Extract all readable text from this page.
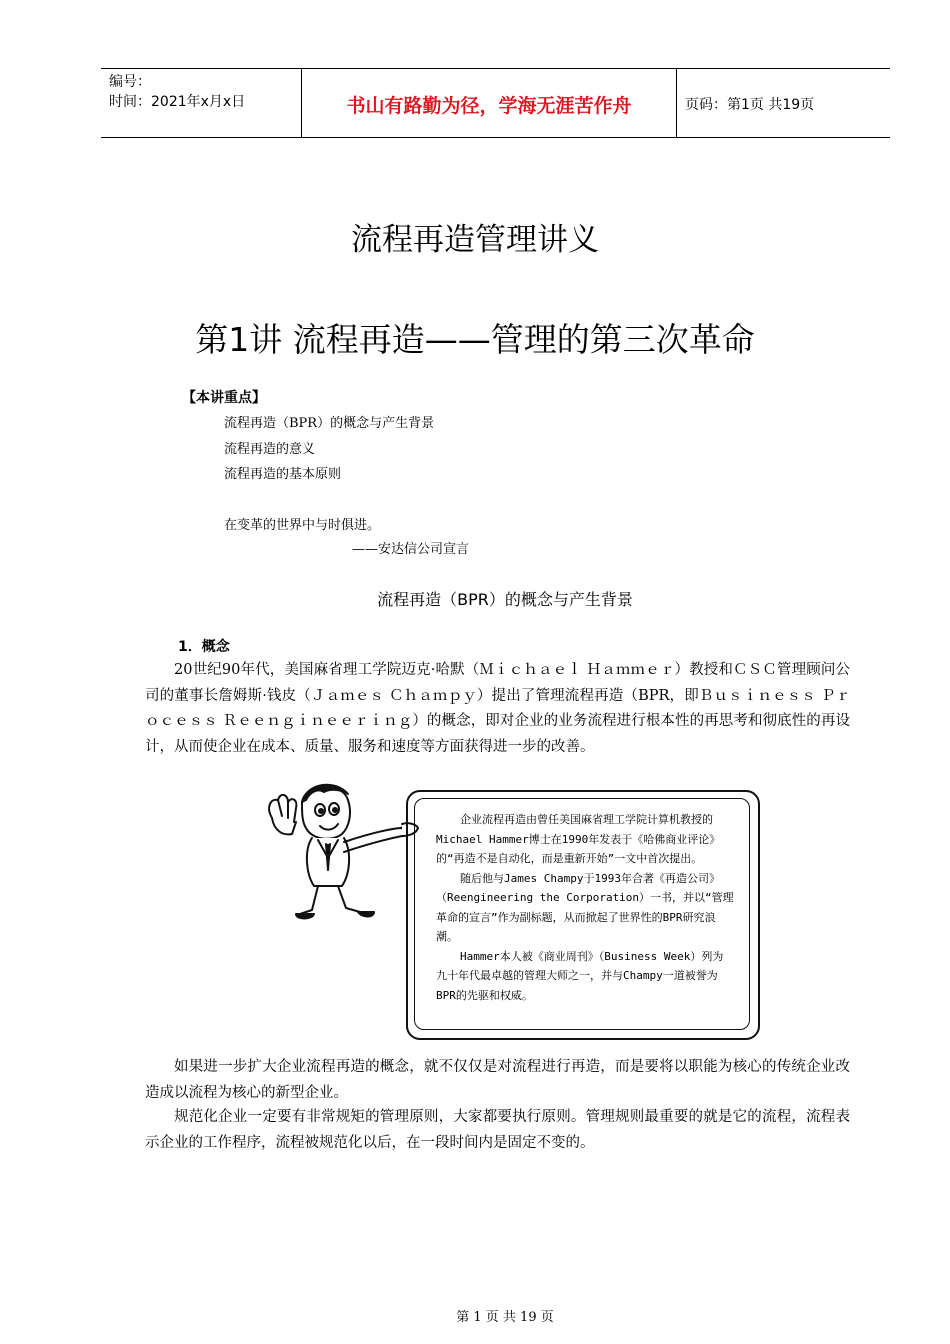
编号：
时间：2021年x月x日	书山有路勤为径，学海无涯苦作舟	页码：第1页 共19页
流程再造管理讲义
第1讲 流程再造——管理的第三次革命
【本讲重点】
流程再造（BPR）的概念与产生背景
流程再造的意义
流程再造的基本原则
在变革的世界中与时俱进。
——安达信公司宣言
流程再造（BPR）的概念与产生背景
1．概念
20世纪90年代，美国麻省理工学院迈克·哈默（Ｍｉｃｈａｅｌ Ｈａｍｍｅｒ）教授和ＣＳＣ管理顾问公司的董事长詹姆斯·钱皮（Ｊａｍｅｓ Ｃｈａｍｐｙ）提出了管理流程再造（BPR，即Ｂｕｓｉｎｅｓｓ Ｐｒｏｃｅｓｓ Ｒｅｅｎｇｉｎｅｅｒｉｎｇ）的概念，即对企业的业务流程进行根本性的再思考和彻底性的再设计，从而使企业在成本、质量、服务和速度等方面获得进一步的改善。

企业流程再造由曾任美国麻省理工学院计算机教授的Michael Hammer博士在1990年发表于《哈佛商业评论》的“再造不是自动化，而是重新开始”一文中首次提出。

随后他与James Champy于1993年合著《再造公司》（Reengineering the Corporation）一书，并以“管理革命的宣言”作为副标题，从而掀起了世界性的BPR研究浪潮。

Hammer本人被《商业周刊》（Business Week）列为九十年代最卓越的管理大师之一，并与Champy一道被誉为BPR的先驱和权威。

如果进一步扩大企业流程再造的概念，就不仅仅是对流程进行再造，而是要将以职能为核心的传统企业改造成以流程为核心的新型企业。
规范化企业一定要有非常规矩的管理原则，大家都要执行原则。管理规则最重要的就是它的流程，流程表示企业的工作程序，流程被规范化以后，在一段时间内是固定不变的。
第 1 页 共 19 页
